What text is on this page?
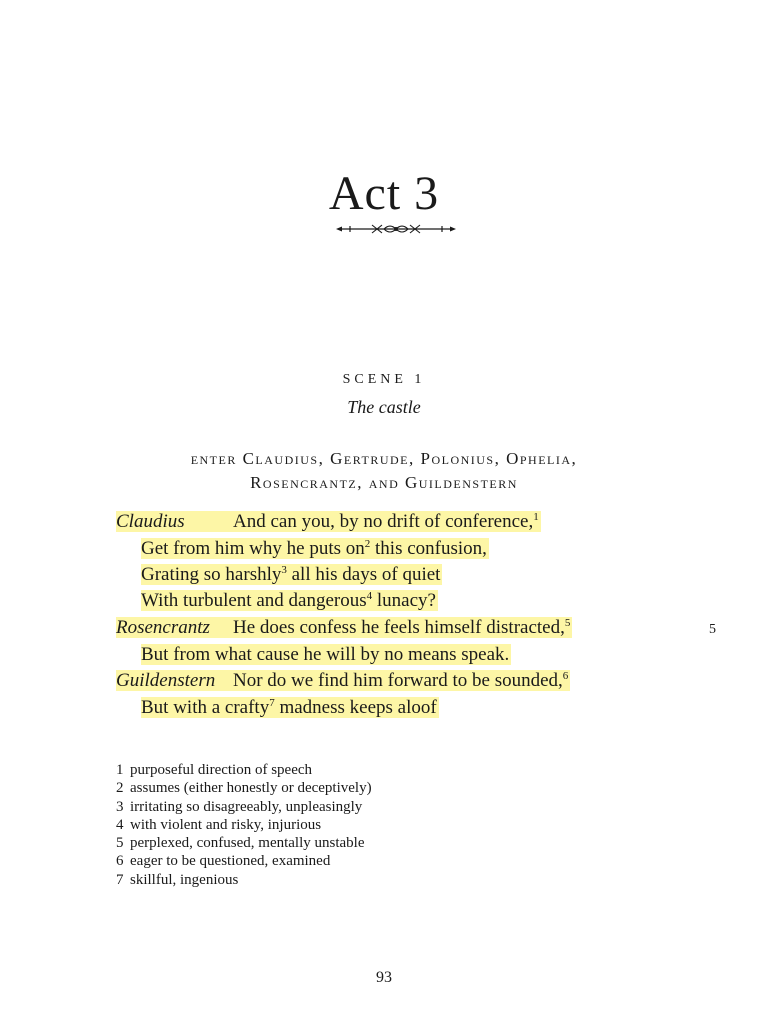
Act 3
SCENE 1
The castle
enter Claudius, Gertrude, Polonius, Ophelia,
Rosencrantz, and Guildenstern
Claudius	And can you, by no drift of conference,$^1$
Get from him why he puts $on^2$ this confusion,
Grating so harshly$^3$ all his days of quiet
With turbulent and dangerous$^4$ lunacy?
Rosencrantz He does confess he feels himself distracted,$^5$
But from what cause he will by no means speak.
Guildenstern Nor do we find him forward to be sounded,$^6$
But with a crafty$^7$ madness keeps aloof
5
1 purposeful direction of speech
2 assumes (either honestly or deceptively)
3 irritating so disagreeably, unpleasingly
4 with violent and risky, injurious
5 perplexed, confused, mentally unstable
6 eager to be questioned, examined
7 skillful, ingenious
93
